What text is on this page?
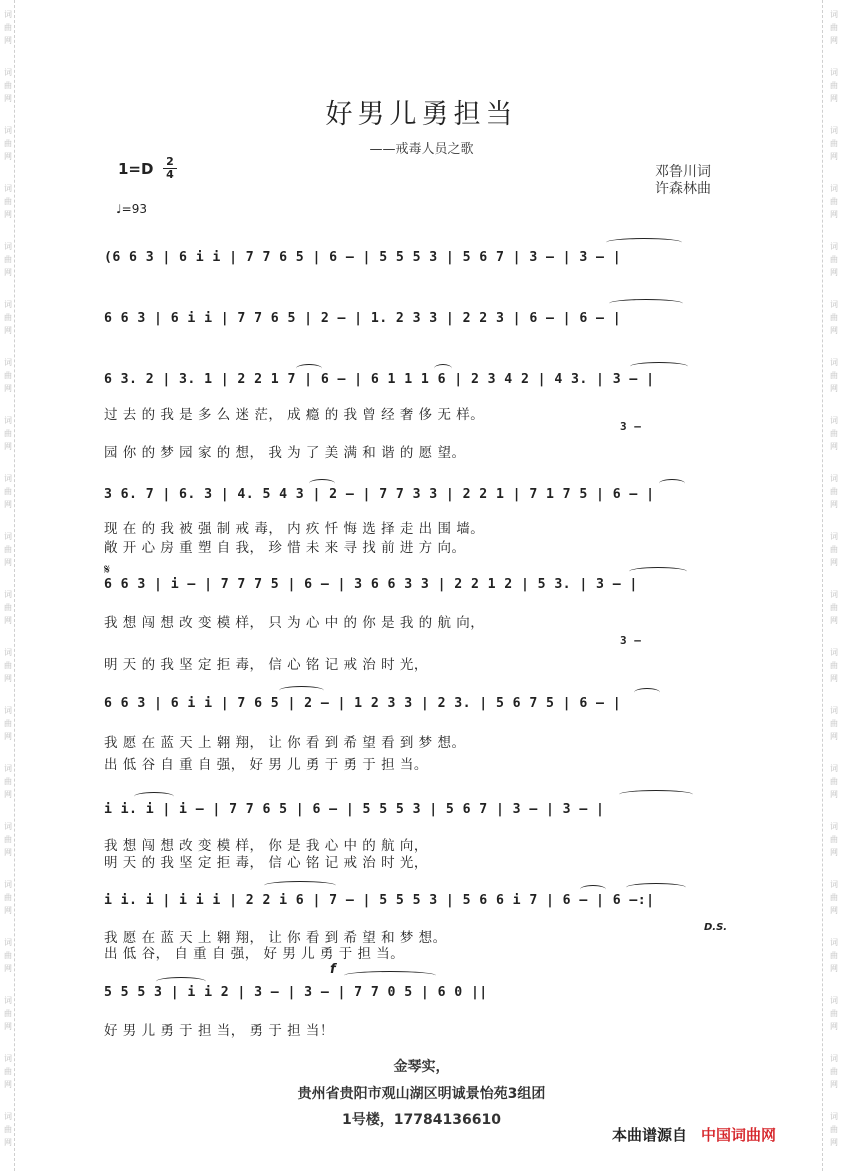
词
曲
网
词
曲
网
词
曲
网
词
曲
网
词
曲
网
词
曲
网
词
曲
网
词
曲
网
词
曲
网
词
曲
网
词
曲
网
词
曲
网
词
曲
网
词
曲
网
词
曲
网
词
曲
网
词
曲
网
词
曲
网
词
曲
网
词
曲
网
词
曲
网
词
曲
网
词
曲
网
词
曲
网
词
曲
网
词
曲
网
词
曲
网
词
曲
网
词
曲
网
词
曲
网
词
曲
网
词
曲
网
词
曲
网
词
曲
网
词
曲
网
词
曲
网
词
曲
网
词
曲
网
词
曲
网
词
曲
网
好男儿勇担当
——戒毒人员之歌
1=D 2
4
♩=93
邓鲁川词
许森林曲
(6 6 3 | 6 i i | 7 7 6 5 | 6 – | 5 5 5 3 | 5 6 7 | 3 – | 3 – |
6 6 3 | 6 i i | 7 7 6 5 | 2 – | 1. 2 3 3 | 2 2 3 | 6 – | 6 – |
6 3. 2 | 3. 1 | 2 2 1 7 | 6 – | 6 1 1 1 6 | 2 3 4 2 | 4 3. | 3 – |
过 去 的 我 是 多 么 迷 茫， 成 瘾 的 我 曾 经 奢 侈 无 样。
3 –
园 你 的 梦 园 家 的 想， 我 为 了 美 满 和 谐 的 愿 望。
3 6. 7 | 6. 3 | 4. 5 4 3 | 2 – | 7 7 3 3 | 2 2 1 | 7 1 7 5 | 6 – |
现 在 的 我 被 强 制 戒 毒， 内 疚 忏 悔 选 择 走 出 围 墙。
敞 开 心 房 重 塑 自 我， 珍 惜 未 来 寻 找 前 进 方 向。
𝄋
6 6 3 | i – | 7 7 7 5 | 6 – | 3 6 6 3 3 | 2 2 1 2 | 5 3. | 3 – |
我 想 闯 想 改 变 模 样， 只 为 心 中 的 你 是 我 的 航 向，
3 –
明 天 的 我 坚 定 拒 毒， 信 心 铭 记 戒 治 时 光，
6 6 3 | 6 i i | 7 6 5 | 2 – | 1 2 3 3 | 2 3. | 5 6 7 5 | 6 – |
我 愿 在 蓝 天 上 翱 翔， 让 你 看 到 希 望 看 到 梦 想。
出 低 谷 自 重 自 强， 好 男 儿 勇 于 勇 于 担 当。
i i. i | i – | 7 7 6 5 | 6 – | 5 5 5 3 | 5 6 7 | 3 – | 3 – |
我 想 闯 想 改 变 模 样， 你 是 我 心 中 的 航 向，
明 天 的 我 坚 定 拒 毒， 信 心 铭 记 戒 治 时 光，
i i. i | i i i | 2 2 i 6 | 7 – | 5 5 5 3 | 5 6 6 i 7 | 6 – | 6 –:|
D.S.
我 愿 在 蓝 天 上 翱 翔， 让 你 看 到 希 望 和 梦 想。
出 低 谷， 自 重 自 强， 好 男 儿 勇 于 担 当。
f
5 5 5 3 | i i 2 | 3 – | 3 – | 7 7 0 5 | 6 0 ||
好 男 儿 勇 于 担 当， 勇 于 担 当！
金琴实，
贵州省贵阳市观山湖区明诚景怡苑3组团
1号楼，17784136610
本曲谱源自 中国词曲网
